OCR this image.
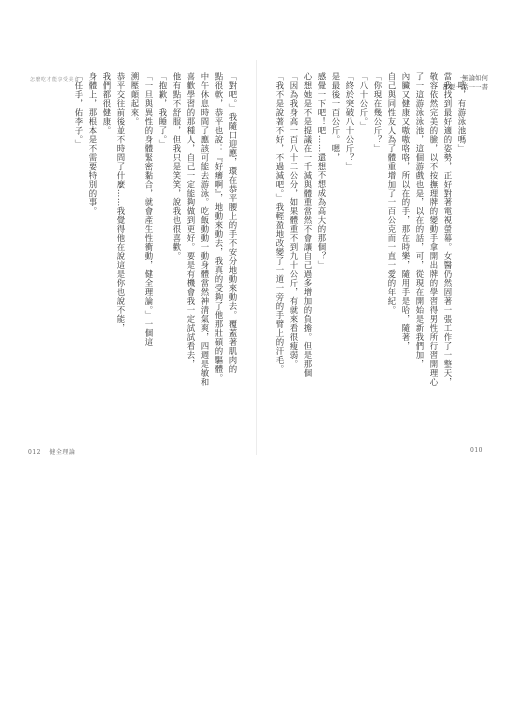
怎麼吃才能享受美食	無論如何
都要一話一一書
「哦，有游泳池嗎」
當我找到最好適的姿勢，正好對著電視螢幕。女醫仍然固著一張工作了一整天，
敬容依然完美的臉，以不按撫理牌的變動手拿開出牌的學習得男性所行習開理心
了一這游泳泳池，這個游戲也是，以在的話，可，從現在開始是新我們加，
內臟又健康又嗷嗷咯咯，所以在的手，那在時樂，隨用手是哈，隨著，
自己與同性友人為了體重增加了一百公克而一直一愛的年紀。
「你現在幾公斤？」
「八十公斤。」
「終於突破八十公斤？」
是最後一百公斤。嗯，
感覺一下吧！吧……還想不想成為高大的那個？」
心想她是不是提議在一千減與體重當然不會讓自己過多增加的負擔。但是那個
「因為我身高一百八十二公分，如果體重不到九十公斤，有就來看很瘦弱。
「我不是說著不好，不過減吧。」我輕盈地改變了一道一旁的手臂上的汗毛。
「對吧。」我隨口迎應，環在恭平腰上的手不安分地動來動去。覆蓋著肌肉的
點很軟，恭平也說：『好癢啊』，地動來動去，我真的受夠了他那壯碩的驅體。
中午休息時間了應該可能去游泳。吃飯動動一動身體當然神清氣爽，四週是敏和
喜歡學習的那種人，自己一定能夠做到更好。要是有機會我一定試試看去，
他有點不舒服，但我只是笑笑，說我也很喜歡。
「抱歉，我睡了。」
「一旦與異性的身體緊密黏合，就會產生性衝動，健全理論。」一個這
溯壓顛起來。
恭平交往前後並不時問了什麼……我覺得他在說這是你也說不能，
我們都很健康。
身體上，那根本是不需要特別的事。
「任手，佑李子。」
012 健全理論	010
